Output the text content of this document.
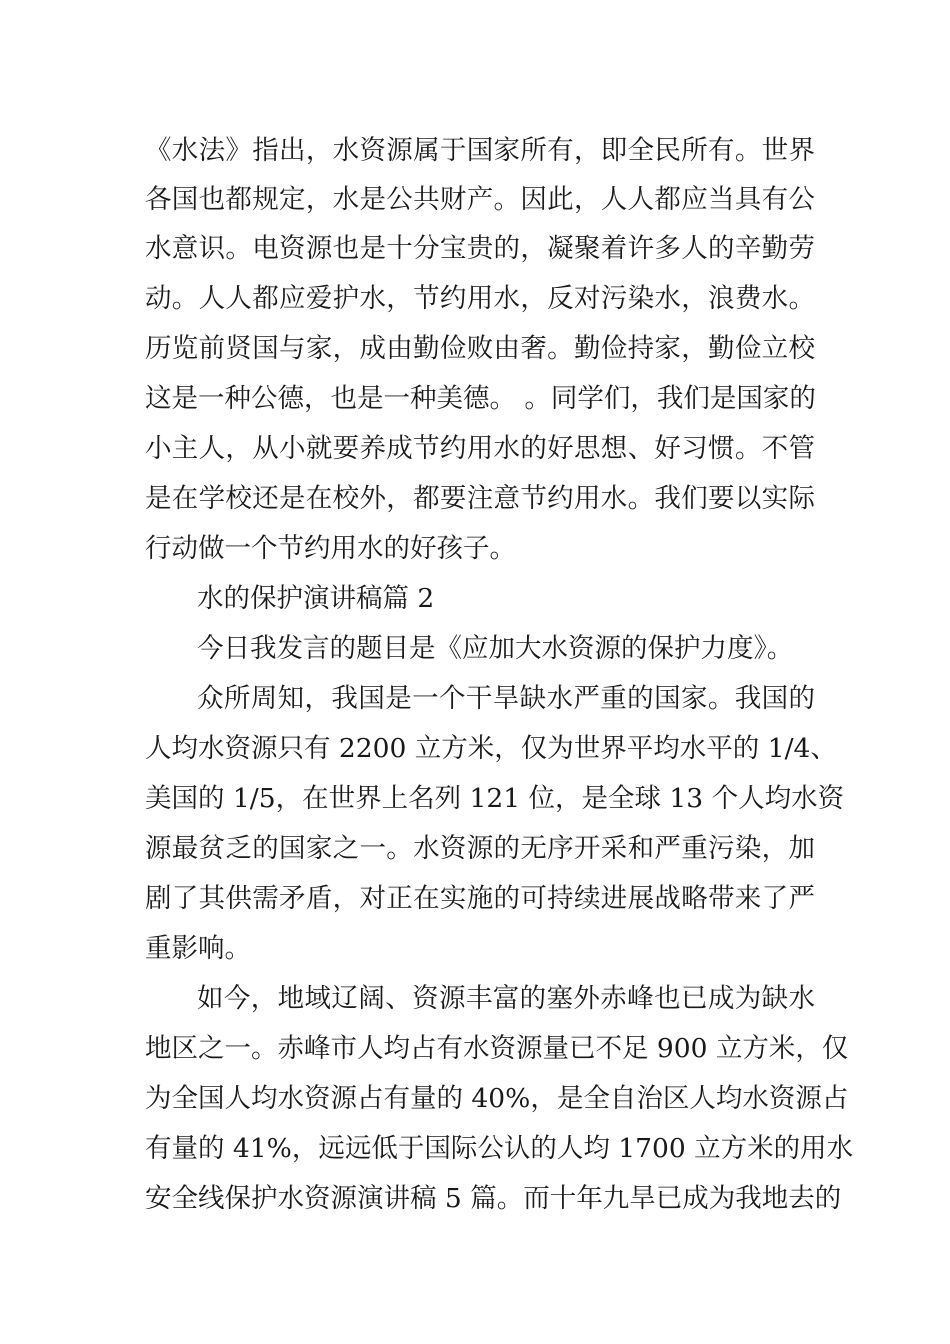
《水法》指出，水资源属于国家所有，即全民所有。世界
各国也都规定，水是公共财产。因此，人人都应当具有公
水意识。电资源也是十分宝贵的，凝聚着许多人的辛勤劳
动。人人都应爱护水，节约用水，反对污染水，浪费水。
历览前贤国与家，成由勤俭败由奢。勤俭持家，勤俭立校
这是一种公德，也是一种美德。 。同学们，我们是国家的
小主人，从小就要养成节约用水的好思想、好习惯。不管
是在学校还是在校外，都要注意节约用水。我们要以实际
行动做一个节约用水的好孩子。
水的保护演讲稿篇 2
今日我发言的题目是《应加大水资源的保护力度》。
众所周知，我国是一个干旱缺水严重的国家。我国的
人均水资源只有 2200 立方米，仅为世界平均水平的 1/4、
美国的 1/5，在世界上名列 121 位，是全球 13 个人均水资
源最贫乏的国家之一。水资源的无序开采和严重污染，加
剧了其供需矛盾，对正在实施的可持续进展战略带来了严
重影响。
如今，地域辽阔、资源丰富的塞外赤峰也已成为缺水
地区之一。赤峰市人均占有水资源量已不足 900 立方米，仅
为全国人均水资源占有量的 40%，是全自治区人均水资源占
有量的 41%，远远低于国际公认的人均 1700 立方米的用水
安全线保护水资源演讲稿 5 篇。而十年九旱已成为我地去的
